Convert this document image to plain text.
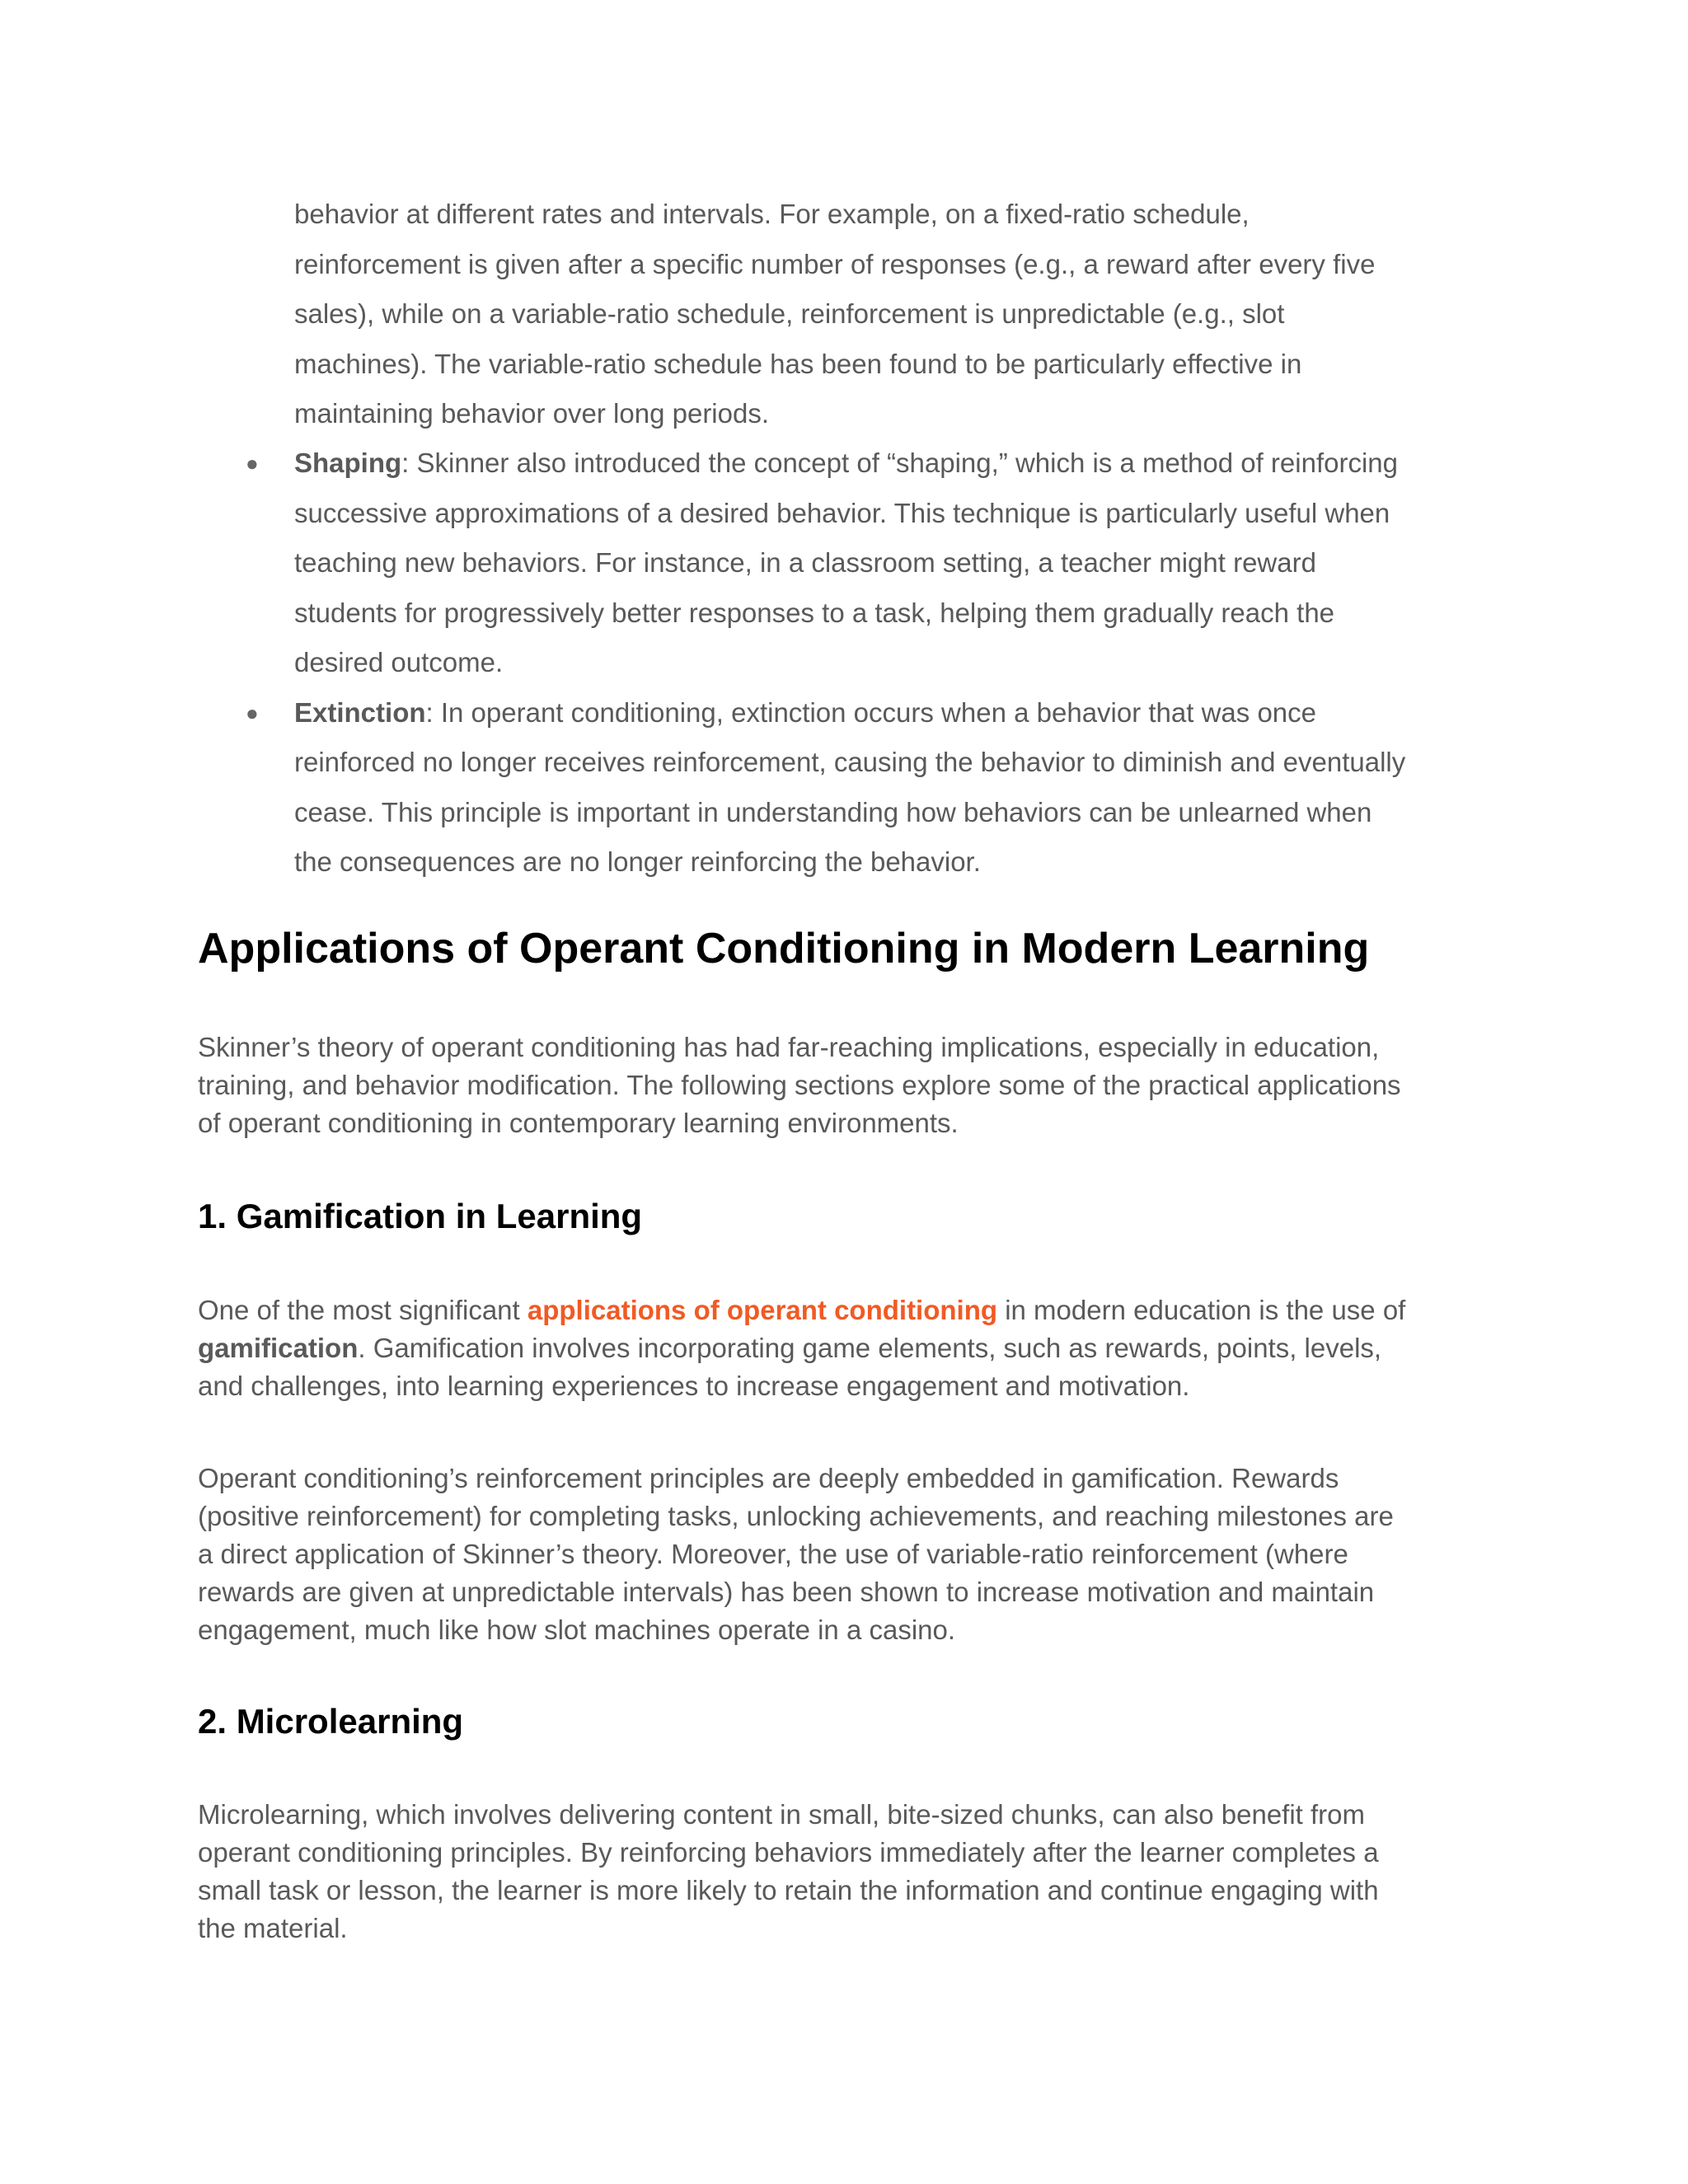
behavior at different rates and intervals. For example, on a fixed-ratio schedule,
reinforcement is given after a specific number of responses (e.g., a reward after every five
sales), while on a variable-ratio schedule, reinforcement is unpredictable (e.g., slot
machines). The variable-ratio schedule has been found to be particularly effective in
maintaining behavior over long periods.
●	Shaping: Skinner also introduced the concept of “shaping,” which is a method of reinforcing
successive approximations of a desired behavior. This technique is particularly useful when
teaching new behaviors. For instance, in a classroom setting, a teacher might reward
students for progressively better responses to a task, helping them gradually reach the
desired outcome.
●	Extinction: In operant conditioning, extinction occurs when a behavior that was once
reinforced no longer receives reinforcement, causing the behavior to diminish and eventually
cease. This principle is important in understanding how behaviors can be unlearned when
the consequences are no longer reinforcing the behavior.
Applications of Operant Conditioning in Modern Learning
Skinner’s theory of operant conditioning has had far-reaching implications, especially in education,
training, and behavior modification. The following sections explore some of the practical applications
of operant conditioning in contemporary learning environments.
1. Gamification in Learning
One of the most significant applications of operant conditioning in modern education is the use of
gamification. Gamification involves incorporating game elements, such as rewards, points, levels,
and challenges, into learning experiences to increase engagement and motivation.
Operant conditioning’s reinforcement principles are deeply embedded in gamification. Rewards
(positive reinforcement) for completing tasks, unlocking achievements, and reaching milestones are
a direct application of Skinner’s theory. Moreover, the use of variable-ratio reinforcement (where
rewards are given at unpredictable intervals) has been shown to increase motivation and maintain
engagement, much like how slot machines operate in a casino.
2. Microlearning
Microlearning, which involves delivering content in small, bite-sized chunks, can also benefit from
operant conditioning principles. By reinforcing behaviors immediately after the learner completes a
small task or lesson, the learner is more likely to retain the information and continue engaging with
the material.
